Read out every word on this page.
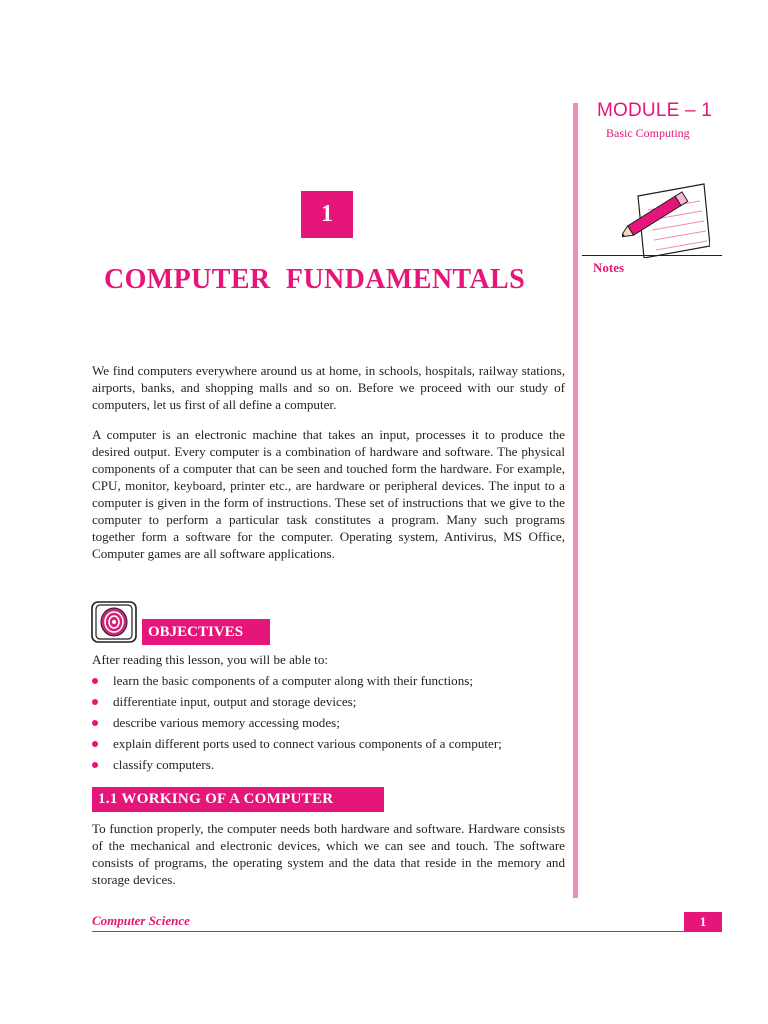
MODULE – 1
Basic Computing
Notes
1
COMPUTER FUNDAMENTALS

We find computers everywhere around us at home, in schools, hospitals, railway stations, airports, banks, and shopping malls and so on. Before we proceed with our study of computers, let us first of all define a computer.

A computer is an electronic machine that takes an input, processes it to produce the desired output. Every computer is a combination of hardware and software. The physical components of a computer that can be seen and touched form the hardware. For example, CPU, monitor, keyboard, printer etc., are hardware or peripheral devices. The input to a computer is given in the form of instructions. These set of instructions that we give to the computer to perform a particular task constitutes a program. Many such programs together form a software for the computer. Operating system, Antivirus, MS Office, Computer games are all software applications.

OBJECTIVES

After reading this lesson, you will be able to:

learn the basic components of a computer along with their functions;
differentiate input, output and storage devices;
describe various memory accessing modes;
explain different ports used to connect various components of a computer;
classify computers.
1.1 WORKING OF A COMPUTER

To function properly, the computer needs both hardware and software. Hardware consists of the mechanical and electronic devices, which we can see and touch. The software consists of programs, the operating system and the data that reside in the memory and storage devices.

Computer Science	1
